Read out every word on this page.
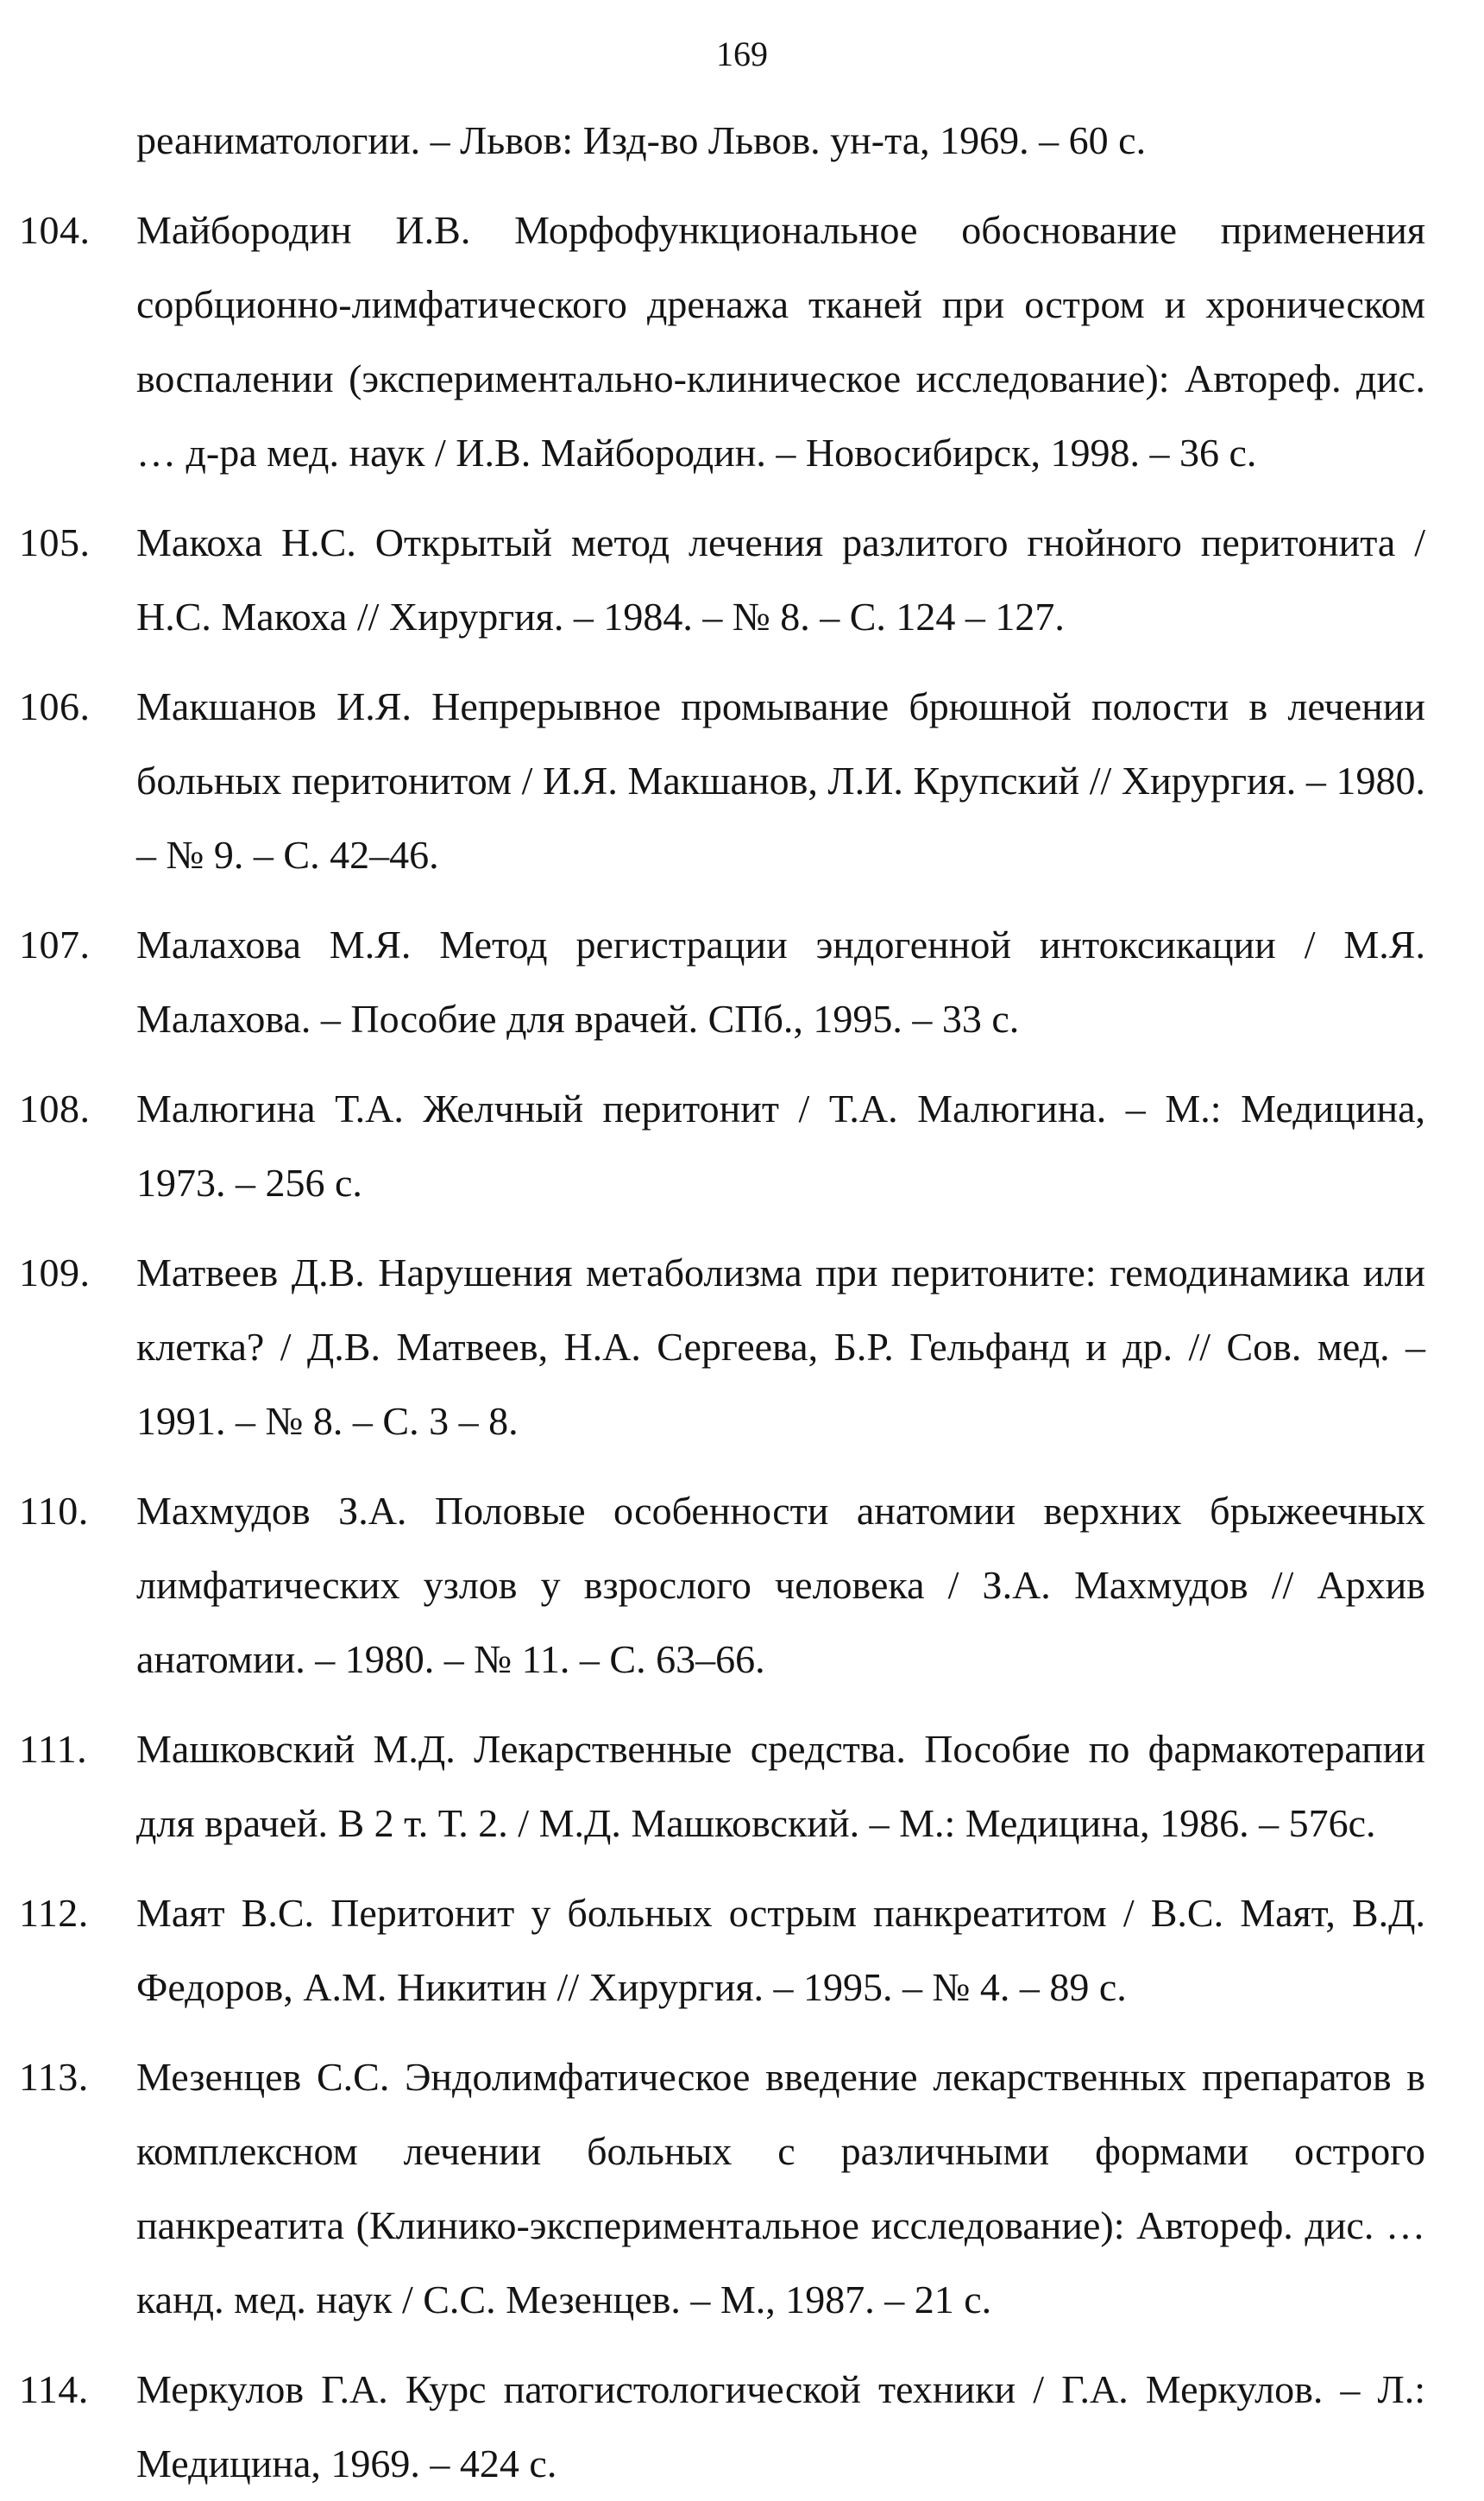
169
реаниматологии. – Львов: Изд-во Львов. ун-та, 1969. – 60 с.
104.	Майбородин И.В. Морфофункциональное обоснование применения сорбционно-лимфатического дренажа тканей при остром и хроническом воспалении (экспериментально-клиническое исследование): Автореф. дис. … д-ра мед. наук / И.В. Майбородин. – Новосибирск, 1998. – 36 с.
105.	Макоха Н.С. Открытый метод лечения разлитого гнойного перитонита / Н.С. Макоха // Хирургия. – 1984. – № 8. – С. 124 – 127.
106.	Макшанов И.Я. Непрерывное промывание брюшной полости в лечении больных перитонитом / И.Я. Макшанов, Л.И. Крупский // Хирургия. – 1980. – № 9. – С. 42–46.
107.	Малахова М.Я. Метод регистрации эндогенной интоксикации / М.Я. Малахова. – Пособие для врачей. СПб., 1995. – 33 с.
108.	Малюгина Т.А. Желчный перитонит / Т.А. Малюгина. – М.: Медицина, 1973. – 256 с.
109.	Матвеев Д.В. Нарушения метаболизма при перитоните: гемодинамика или клетка? / Д.В. Матвеев, Н.А. Сергеева, Б.Р. Гельфанд и др. // Сов. мед. – 1991. – № 8. – С. 3 – 8.
110.	Махмудов З.А. Половые особенности анатомии верхних брыжеечных лимфатических узлов у взрослого человека / З.А. Махмудов // Архив анатомии. – 1980. – № 11. – С. 63–66.
111.	Машковский М.Д. Лекарственные средства. Пособие по фармакотерапии для врачей. В 2 т. Т. 2. / М.Д. Машковский. – М.: Медицина, 1986. – 576с.
112.	Маят В.С. Перитонит у больных острым панкреатитом / В.С. Маят, В.Д. Федоров, А.М. Никитин // Хирургия. – 1995. – № 4. – 89 с.
113.	Мезенцев С.С. Эндолимфатическое введение лекарственных препаратов в комплексном лечении больных с различными формами острого панкреатита (Клинико-экспериментальное исследование): Автореф. дис. … канд. мед. наук / С.С. Мезенцев. – М., 1987. – 21 с.
114.	Меркулов Г.А. Курс патогистологической техники / Г.А. Меркулов. – Л.: Медицина, 1969. – 424 с.
